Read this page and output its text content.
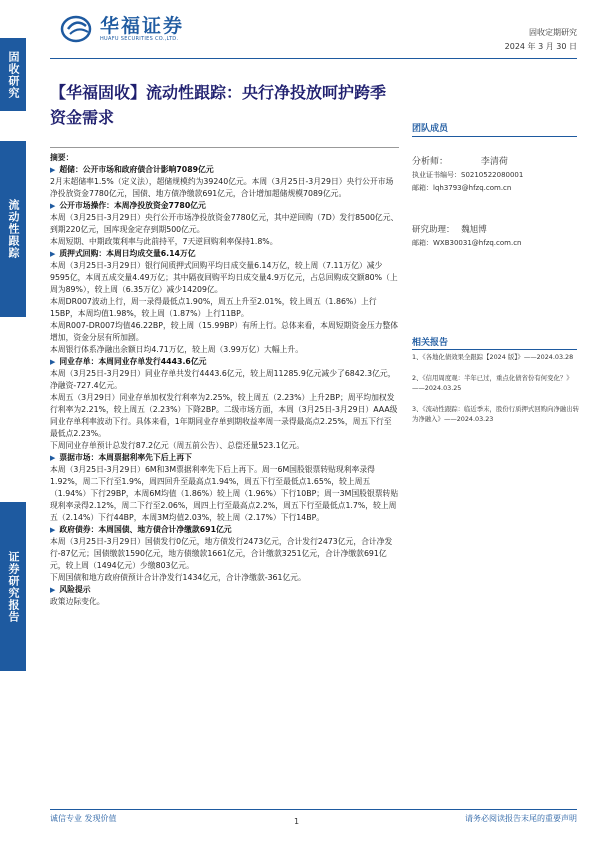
固收研究
流动性跟踪
证券研究报告
华福证券
HUAFU SECURITIES CO.,LTD.
固收定期研究
2024 年 3 月 30 日
【华福固收】流动性跟踪：央行净投放呵护跨季资金需求
团队成员
分析师：	李清荷
执业证书编号：S0210522080001
邮箱：lqh3793@hfzq.com.cn
研究助理： 魏旭博
邮箱：WXB30031@hfzq.com.cn
相关报告
1、《各地化债效果全跟踪【2024 版】》——2024.03.28
2、《信用周度观：半年已过，重点化债省份有何变化？》——2024.03.25
3、《流动性跟踪：临近季末，股份行质押式回购向净融出转为净融入》——2024.03.23

摘要：

▶ 超储：公开市场和政府债合计影响7089亿元

2月末超储率1.5%（定义法），超储规模约为39240亿元。本周（3月25日-3月29日）央行公开市场净投放资金7780亿元，国债、地方债净缴款691亿元，合计增加超储规模7089亿元。

▶ 公开市场操作：本周净投放资金7780亿元

本周（3月25日-3月29日）央行公开市场净投放资金7780亿元，其中逆回购（7D）发行8500亿元、到期220亿元，国库现金定存到期500亿元。

本周短期、中期政策利率与此前持平，7天逆回购利率保持1.8%。

▶ 质押式回购：本周日均成交量6.14万亿

本周（3月25日-3月29日）银行间质押式回购平均日成交量6.14万亿，较上周（7.11万亿）减少9595亿，本周五成交量4.49万亿；其中隔夜回购平均日成交量4.9万亿元，占总回购成交额80%（上周为89%），较上周（6.35万亿）减少14209亿。

本周DR007波动上行，周一录得最低点1.90%，周五上升至2.01%，较上周五（1.86%）上行15BP，本周均值1.98%，较上周（1.87%）上行11BP。

本周R007-DR007均值46.22BP，较上周（15.99BP）有所上行。总体来看，本周短期资金压力整体增加，资金分层有所加剧。

本周银行体系净融出余额日均4.71万亿，较上周（3.99万亿）大幅上升。

▶ 同业存单：本周同业存单发行4443.6亿元

本周（3月25日-3月29日）同业存单共发行4443.6亿元，较上周11285.9亿元减少了6842.3亿元，净融资-727.4亿元。

本周五（3月29日）同业存单加权发行利率为2.25%，较上周五（2.23%）上升2BP；周平均加权发行利率为2.21%，较上周五（2.23%）下降2BP。二级市场方面，本周（3月25日-3月29日）AAA级同业存单利率波动下行。具体来看，1年期同业存单到期收益率周一录得最高点2.25%，周五下行至最低点2.23%。

下周同业存单预计总发行87.2亿元（周五前公告）、总偿还量523.1亿元。

▶ 票据市场：本周票据利率先下后上再下

本周（3月25日-3月29日）6M和3M票据利率先下后上再下。周一6M国股银票转贴现利率录得1.92%，周二下行至1.9%，周四回升至最高点1.94%，周五下行至最低点1.65%，较上周五（1.94%）下行29BP，本周6M均值（1.86%）较上周（1.96%）下行10BP；周一3M国股银票转贴现利率录得2.12%，周二下行至2.06%，周四上行至最高点2.2%，周五下行至最低点1.7%，较上周五（2.14%）下行44BP，本周3M均值2.03%，较上周（2.17%）下行14BP。

▶ 政府债券：本周国债、地方债合计净缴款691亿元

本周（3月25日-3月29日）国债发行0亿元，地方债发行2473亿元，合计发行2473亿元，合计净发行-87亿元；国债缴款1590亿元，地方债缴款1661亿元，合计缴款3251亿元，合计净缴款691亿元，较上周（1494亿元）少缴803亿元。

下周国债和地方政府债预计合计净发行1434亿元，合计净缴款-361亿元。

▶ 风险提示

政策边际变化。

诚信专业 发现价值	1	请务必阅读报告末尾的重要声明
